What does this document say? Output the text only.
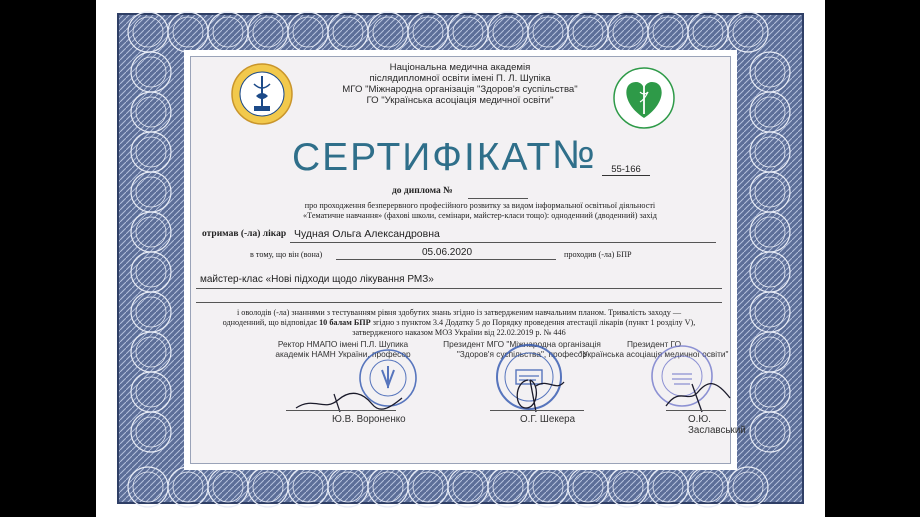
Національна медична академія
післядипломної освіти імені П. Л. Шупіка
МГО "Міжнародна організація "Здоров'я суспільства"
ГО "Українська асоціація медичної освіти"
СЕРТИФІКАТ №	55-166
до диплома №
про проходження безперервного професійного розвитку за видом інформальної освітньої діяльності
«Тематичне навчання» (фахові школи, семінари, майстер-класи тощо): одноденний (дводенний) захід
отримав (-ла) лікар Чудная Ольга Александровна
в тому, що він (вона)	05.06.2020	проходив (-ла) БПР
майстер-клас «Нові підходи щодо лікування РМЗ»
і оволодів (-ла) знаннями з тестуванням рівня здобутих знань згідно із затвердженим навчальним планом. Тривалість заходу —
одноденний, що відповідає 10 балам БПР згідно з пунктом 3.4 Додатку 5 до Порядку проведення атестації лікарів (пункт 1 розділу V),
затвердженого наказом МОЗ України від 22.02.2019 р. № 446
Ректор НМАПО імені П.Л. Шупика
академік НАМН України, професор
Президент МГО "Міжнародна організація
"Здоров'я суспільства", професор
Президент ГО
"Українська асоціація медичної освіти"
Ю.В. Вороненко	О.Г. Шекера	О.Ю. Заславський
